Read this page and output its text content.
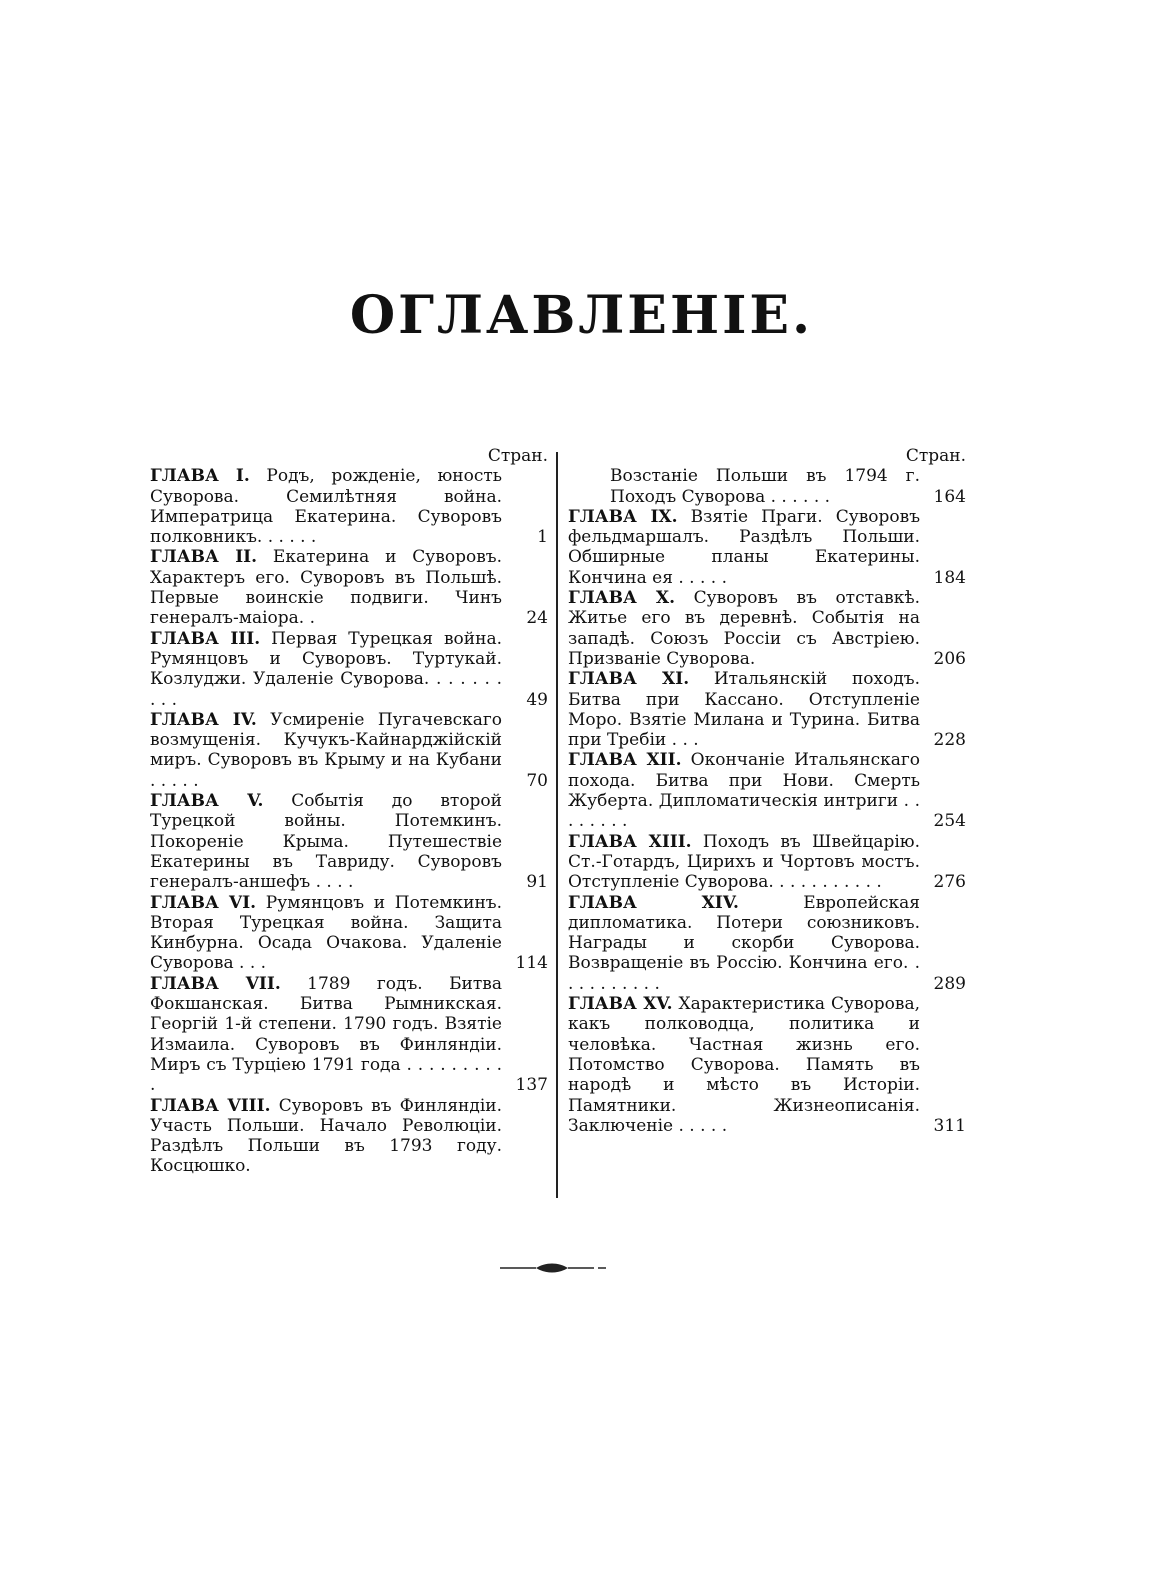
ОГЛАВЛЕНІЕ.
Стран.
ГЛАВА I. Родъ, рожденіе, юность Суворова. Семилѣтняя война. Императрица Екатерина. Суворовъ полковникъ. . . . . .	1
ГЛАВА II. Екатерина и Суворовъ. Характеръ его. Суворовъ въ Польшѣ. Первые воинскіе подвиги. Чинъ генералъ-маіора. .	24
ГЛАВА III. Первая Турецкая война. Румянцовъ и Суворовъ. Туртукай. Козлуджи. Удаленіе Суворова. . . . . . . . . .	49
ГЛАВА IV. Усмиреніе Пугачевскаго возмущенія. Кучукъ-Кайнарджійскій миръ. Суворовъ въ Крыму и на Кубани . . . . .	70
ГЛАВА V. Событія до второй Турецкой войны. Потемкинъ. Покореніе Крыма. Путешествіе Екатерины въ Тавриду. Суворовъ генералъ-аншефъ . . . .	91
ГЛАВА VI. Румянцовъ и Потемкинъ. Вторая Турецкая война. Защита Кинбурна. Осада Очакова. Удаленіе Суворова . . .	114
ГЛАВА VII. 1789 годъ. Битва Фокшанская. Битва Рымникская. Георгій 1-й степени. 1790 годъ. Взятіе Измаила. Суворовъ въ Финляндіи. Миръ съ Турціею 1791 года . . . . . . . . . .	137
ГЛАВА VIII. Суворовъ въ Финляндіи. Участь Польши. Начало Революціи. Раздѣлъ Польши въ 1793 году. Косцюшко.
Стран.
Возстаніе Польши въ 1794 г. Походъ Суворова . . . . . .	164
ГЛАВА IX. Взятіе Праги. Суворовъ фельдмаршалъ. Раздѣлъ Польши. Обширные планы Екатерины. Кончина ея . . . . .	184
ГЛАВА X. Суворовъ въ отставкѣ. Житье его въ деревнѣ. Событія на западѣ. Союзъ Россіи съ Австріею. Призваніе Суворова.	206
ГЛАВА XI. Итальянскій походъ. Битва при Кассано. Отступленіе Моро. Взятіе Милана и Турина. Битва при Требіи . . .	228
ГЛАВА XII. Окончаніе Итальянскаго похода. Битва при Нови. Смерть Жуберта. Дипломатическія интриги . . . . . . . .	254
ГЛАВА XIII. Походъ въ Швейцарію. Ст.-Готардъ, Цирихъ и Чортовъ мостъ. Отступленіе Суворова. . . . . . . . . . .	276
ГЛАВА XIV.	Европейская дипломатика. Потери союзниковъ. Награды и скорби Суворова. Возвращеніе въ Россію. Кончина его. . . . . . . . . . .	289
ГЛАВА XV. Характеристика Суворова, какъ полководца, политика и человѣка. Частная жизнь его. Потомство Суворова. Память въ народѣ и мѣсто въ Исторіи. Памятники. Жизнеописанія. Заключеніе . . . . .	311
